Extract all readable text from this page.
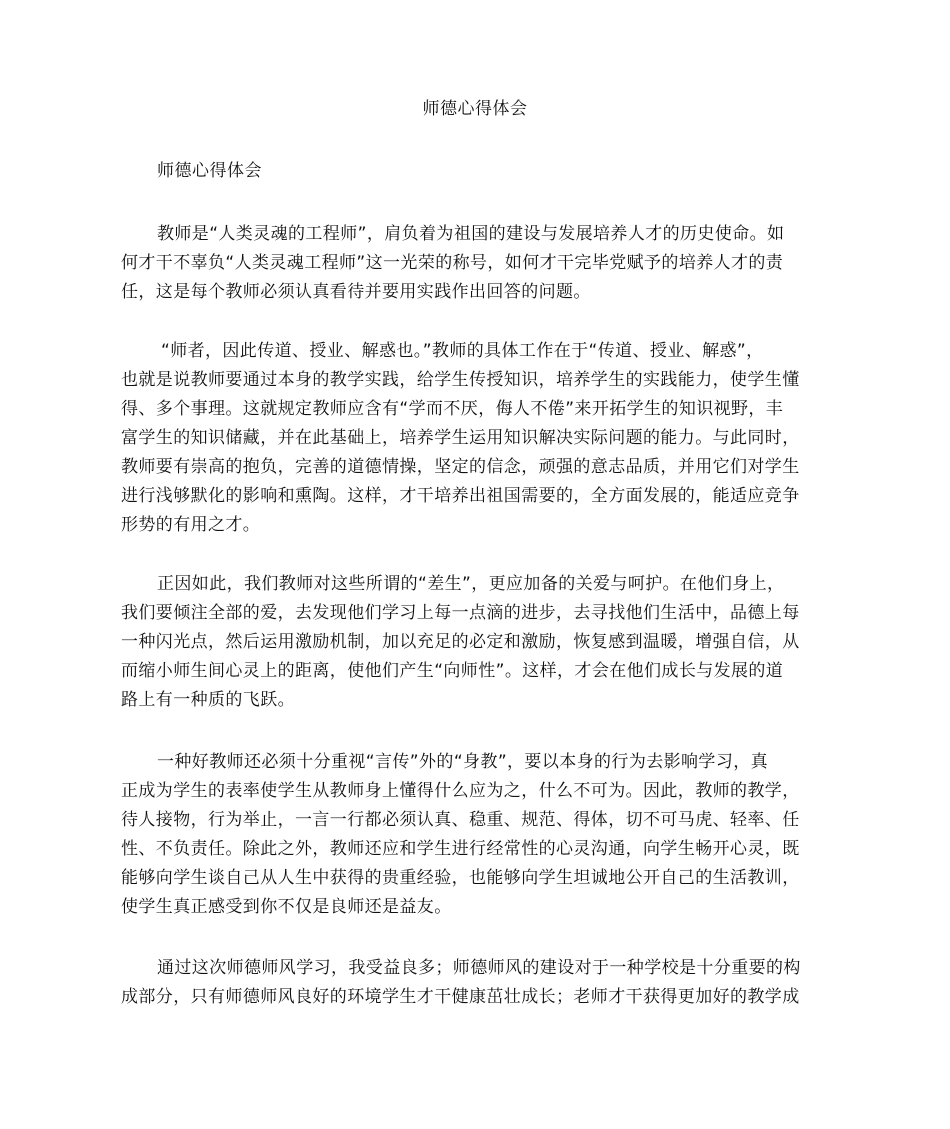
师德心得体会
师德心得体会
教师是“人类灵魂的工程师”，肩负着为祖国的建设与发展培养人才的历史使命。如
何才干不辜负“人类灵魂工程师”这一光荣的称号，如何才干完毕党赋予的培养人才的责
任，这是每个教师必须认真看待并要用实践作出回答的问题。
“师者，因此传道、授业、解惑也。”教师的具体工作在于“传道、授业、解惑”，
也就是说教师要通过本身的教学实践，给学生传授知识，培养学生的实践能力，使学生懂
得、多个事理。这就规定教师应含有“学而不厌，侮人不倦”来开拓学生的知识视野，丰
富学生的知识储藏，并在此基础上，培养学生运用知识解决实际问题的能力。与此同时，
教师要有崇高的抱负，完善的道德情操，坚定的信念，顽强的意志品质，并用它们对学生
进行浅够默化的影响和熏陶。这样，才干培养出祖国需要的，全方面发展的，能适应竞争
形势的有用之才。
正因如此，我们教师对这些所谓的“差生”，更应加备的关爱与呵护。在他们身上，
我们要倾注全部的爱，去发现他们学习上每一点滴的进步，去寻找他们生活中，品德上每
一种闪光点，然后运用激励机制，加以充足的必定和激励，恢复感到温暖，增强自信，从
而缩小师生间心灵上的距离，使他们产生“向师性”。这样，才会在他们成长与发展的道
路上有一种质的飞跃。
一种好教师还必须十分重视“言传”外的“身教”，要以本身的行为去影响学习，真
正成为学生的表率使学生从教师身上懂得什么应为之，什么不可为。因此，教师的教学，
待人接物，行为举止，一言一行都必须认真、稳重、规范、得体，切不可马虎、轻率、任
性、不负责任。除此之外，教师还应和学生进行经常性的心灵沟通，向学生畅开心灵，既
能够向学生谈自己从人生中获得的贵重经验，也能够向学生坦诚地公开自己的生活教训，
使学生真正感受到你不仅是良师还是益友。
通过这次师德师风学习，我受益良多；师德师风的建设对于一种学校是十分重要的构
成部分，只有师德师风良好的环境学生才干健康茁壮成长；老师才干获得更加好的教学成
